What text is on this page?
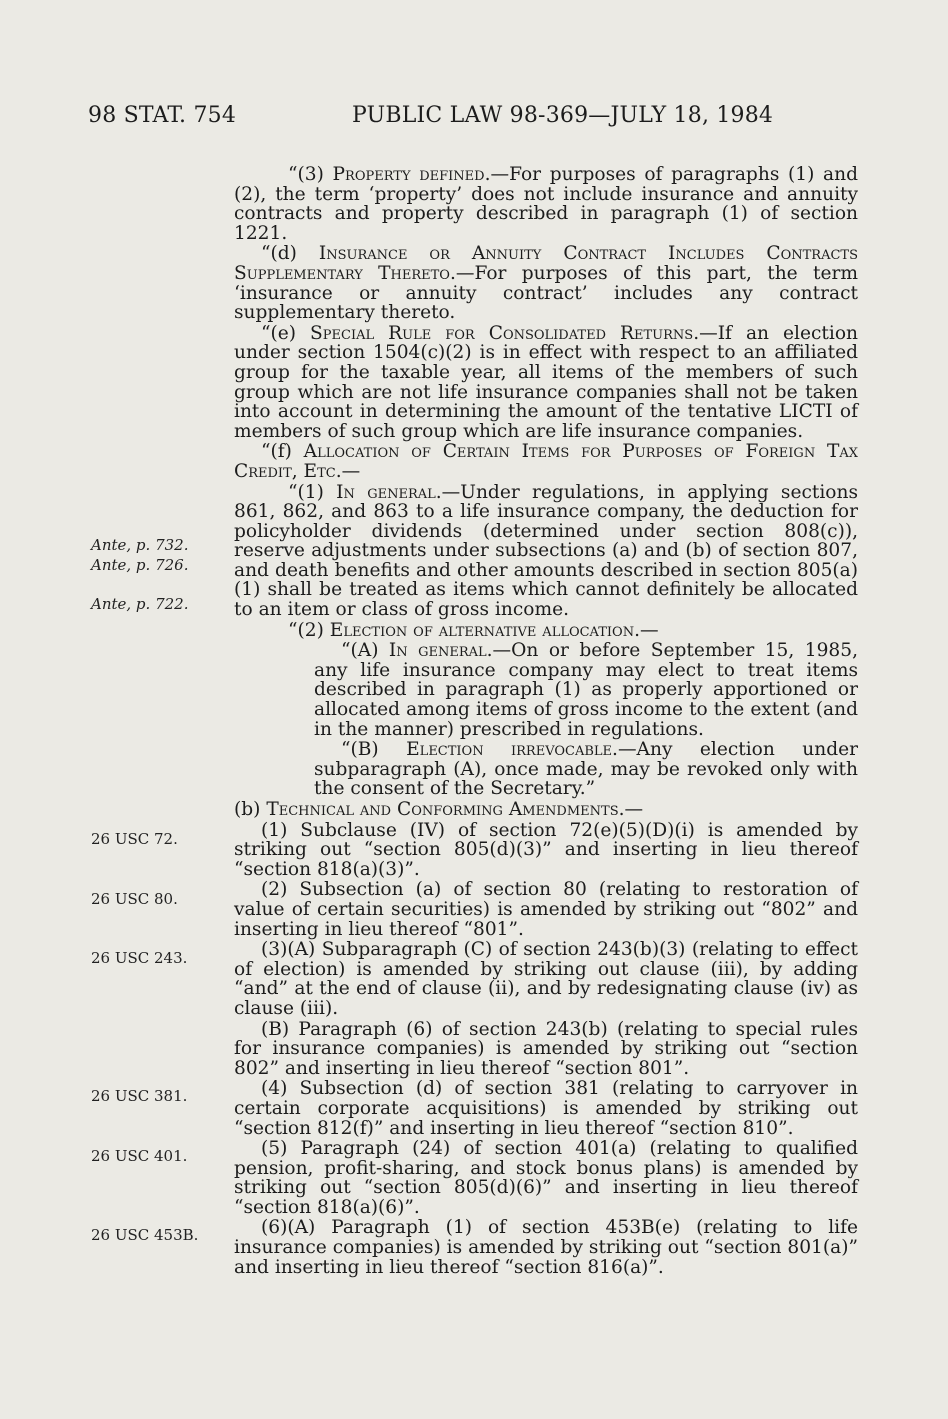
98 STAT. 754	PUBLIC LAW 98-369—JULY 18, 1984
Ante, p. 732.
Ante, p. 726.
Ante, p. 722.
26 USC 72.
26 USC 80.
26 USC 243.
26 USC 381.
26 USC 401.
26 USC 453B.

“(3) Property defined.—For purposes of paragraphs (1) and (2), the term ‘property’ does not include insurance and annuity contracts and property described in paragraph (1) of section 1221.

“(d) Insurance or Annuity Contract Includes Contracts Supplementary Thereto.—For purposes of this part, the term ‘insurance or annuity contract’ includes any contract supplementary thereto.

“(e) Special Rule for Consolidated Returns.—If an election under section 1504(c)(2) is in effect with respect to an affiliated group for the taxable year, all items of the members of such group which are not life insurance companies shall not be taken into account in determining the amount of the tentative LICTI of members of such group which are life insurance companies.

“(f) Allocation of Certain Items for Purposes of Foreign Tax Credit, Etc.—

“(1) In general.—Under regulations, in applying sections 861, 862, and 863 to a life insurance company, the deduction for policyholder dividends (determined under section 808(c)), reserve adjustments under subsections (a) and (b) of section 807, and death benefits and other amounts described in section 805(a)(1) shall be treated as items which cannot definitely be allocated to an item or class of gross income.

“(2) Election of alternative allocation.—

“(A) In general.—On or before September 15, 1985, any life insurance company may elect to treat items described in paragraph (1) as properly apportioned or allocated among items of gross income to the extent (and in the manner) prescribed in regulations.

“(B) Election irrevocable.—Any election under subparagraph (A), once made, may be revoked only with the consent of the Secretary.”

(b) Technical and Conforming Amendments.—

(1) Subclause (IV) of section 72(e)(5)(D)(i) is amended by striking out “section 805(d)(3)” and inserting in lieu thereof “section 818(a)(3)”.

(2) Subsection (a) of section 80 (relating to restoration of value of certain securities) is amended by striking out “802” and inserting in lieu thereof “801”.

(3)(A) Subparagraph (C) of section 243(b)(3) (relating to effect of election) is amended by striking out clause (iii), by adding “and” at the end of clause (ii), and by redesignating clause (iv) as clause (iii).

(B) Paragraph (6) of section 243(b) (relating to special rules for insurance companies) is amended by striking out “section 802” and inserting in lieu thereof “section 801”.

(4) Subsection (d) of section 381 (relating to carryover in certain corporate acquisitions) is amended by striking out “section 812(f)” and inserting in lieu thereof “section 810”.

(5) Paragraph (24) of section 401(a) (relating to qualified pension, profit-sharing, and stock bonus plans) is amended by striking out “section 805(d)(6)” and inserting in lieu thereof “section 818(a)(6)”.

(6)(A) Paragraph (1) of section 453B(e) (relating to life insurance companies) is amended by striking out “section 801(a)” and inserting in lieu thereof “section 816(a)”.
